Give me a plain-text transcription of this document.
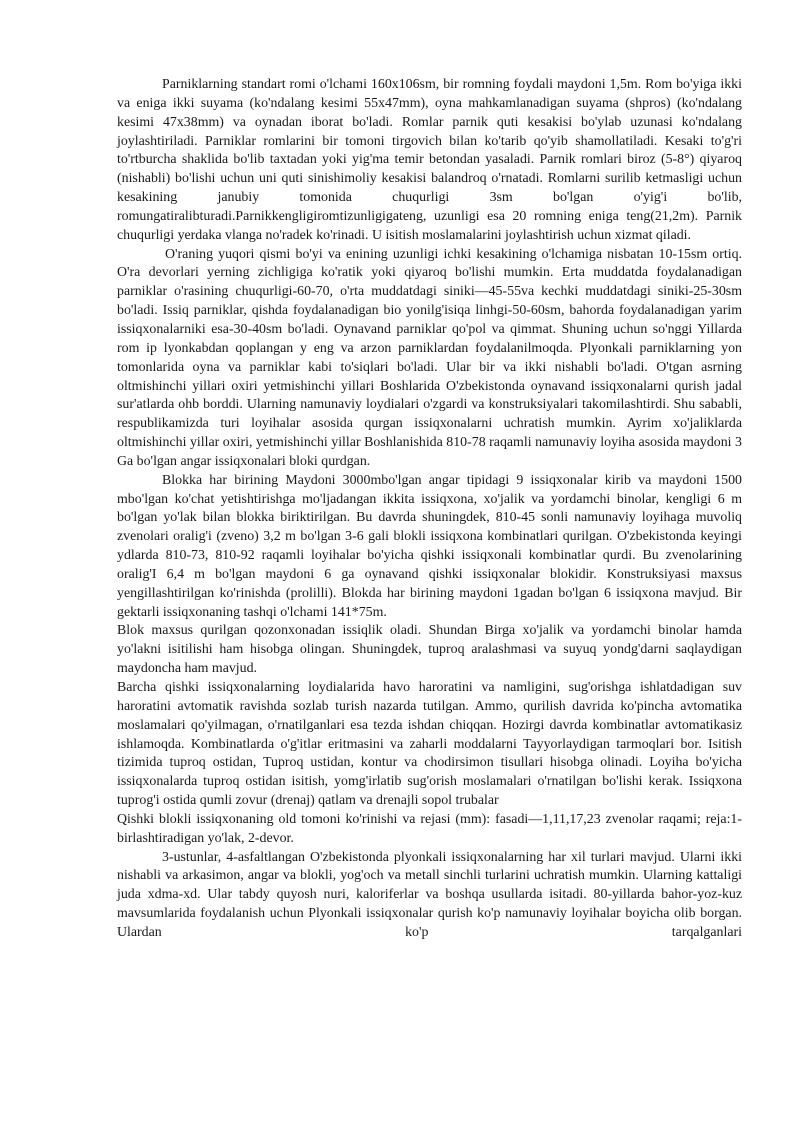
Parniklarning standart romi o'lchami 160x106sm, bir romning foydali maydoni 1,5m. Rom bo'yiga ikki va eniga ikki suyama (ko'ndalang kesimi 55x47mm), oyna mahkamlanadigan suyama (shpros) (ko'ndalang kesimi 47x38mm) va oynadan iborat bo'ladi. Romlar parnik quti kesakisi bo'ylab uzunasi ko'ndalang joylashtiriladi. Parniklar romlarini bir tomoni tirgovich bilan ko'tarib qo'yib shamollatiladi. Kesaki to'g'ri to'rtburcha shaklida bo'lib taxtadan yoki yig'ma temir betondan yasaladi. Parnik romlari biroz (5-8°) qiyaroq (nishabli) bo'lishi uchun uni quti sinishimoliy kesakisi balandroq o'rnatadi. Romlarni surilib ketmasligi uchun kesakining janubiy tomonida chuqurligi 3sm bo'lgan o'yig'i bo'lib, romungatiralibturadi.Parnikkengligiromtizunligigateng, uzunligi esa 20 romning eniga teng(21,2m). Parnik chuqurligi yerdaka vlanga no'radek ko'rinadi. U isitish moslamalarini joylashtirish uchun xizmat qiladi.

O'raning yuqori qismi bo'yi va enining uzunligi ichki kesakining o'lchamiga nisbatan 10-15sm ortiq. O'ra devorlari yerning zichligiga ko'ratik yoki qiyaroq bo'lishi mumkin. Erta muddatda foydalanadigan parniklar o'rasining chuqurligi-60-70, o'rta muddatdagi siniki—45-55va kechki muddatdagi siniki-25-30sm bo'ladi. Issiq parniklar, qishda foydalanadigan bio yonilg'isiqa linhgi-50-60sm, bahorda foydalanadigan yarim issiqxonalarniki esa-30-40sm bo'ladi. Oynavand parniklar qo'pol va qimmat. Shuning uchun so'nggi Yillarda rom ip lyonkabdan qoplangan y eng va arzon parniklardan foydalanilmoqda. Plyonkali parniklarning yon tomonlarida oyna va parniklar kabi to'siqlari bo'ladi. Ular bir va ikki nishabli bo'ladi. O'tgan asrning oltmishinchi yillari oxiri yetmishinchi yillari Boshlarida O'zbekistonda oynavand issiqxonalarni qurish jadal sur'atlarda ohb borddi. Ularning namunaviy loydialari o'zgardi va konstruksiyalari takomilashtirdi. Shu sababli, respublikamizda turi loyihalar asosida qurgan issiqxonalarni uchratish mumkin. Ayrim xo'jaliklarda oltmishinchi yillar oxiri, yetmishinchi yillar Boshlanishida 810-78 raqamli namunaviy loyiha asosida maydoni 3 Ga bo'lgan angar issiqxonalari bloki qurdgan.

Blokka har birining Maydoni 3000mbo'lgan angar tipidagi 9 issiqxonalar kirib va maydoni 1500 mbo'lgan ko'chat yetishtirishga mo'ljadangan ikkita issiqxona, xo'jalik va yordamchi binolar, kengligi 6 m bo'lgan yo'lak bilan blokka biriktirilgan. Bu davrda shuningdek, 810-45 sonli namunaviy loyihaga muvoliq zvenolari oralig'i (zveno) 3,2 m bo'lgan 3-6 gali blokli issiqxona kombinatlari qurilgan. O'zbekistonda keyingi ydlarda 810-73, 810-92 raqamli loyihalar bo'yicha qishki issiqxonali kombinatlar qurdi. Bu zvenolarining oralig'I 6,4 m bo'lgan maydoni 6 ga oynavand qishki issiqxonalar blokidir. Konstruksiyasi maxsus yengillashtirilgan ko'rinishda (prolilli). Blokda har birining maydoni 1gadan bo'lgan 6 issiqxona mavjud. Bir gektarli issiqxonaning tashqi o'lchami 141*75m.

Blok maxsus qurilgan qozonxonadan issiqlik oladi. Shundan Birga xo'jalik va yordamchi binolar hamda yo'lakni isitilishi ham hisobga olingan. Shuningdek, tuproq aralashmasi va suyuq yondg'darni saqlaydigan maydoncha ham mavjud.

Barcha qishki issiqxonalarning loydialarida havo haroratini va namligini, sug'orishga ishlatdadigan suv haroratini avtomatik ravishda sozlab turish nazarda tutilgan. Ammo, qurilish davrida ko'pincha avtomatika moslamalari qo'yilmagan, o'rnatilganlari esa tezda ishdan chiqqan. Hozirgi davrda kombinatlar avtomatikasiz ishlamoqda. Kombinatlarda o'g'itlar eritmasini va zaharli moddalarni Tayyorlaydigan tarmoqlari bor. Isitish tizimida tuproq ostidan, Tuproq ustidan, kontur va chodirsimon tisullari hisobga olinadi. Loyiha bo'yicha issiqxonalarda tuproq ostidan isitish, yomg'irlatib sug'orish moslamalari o'rnatilgan bo'lishi kerak. Issiqxona tuprog'i ostida qumli zovur (drenaj) qatlam va drenajli sopol trubalar

Qishki blokli issiqxonaning old tomoni ko'rinishi va rejasi (mm): fasadi—1,11,17,23 zvenolar raqami; reja:1-birlashtiradigan yo'lak, 2-devor.

3-ustunlar, 4-asfaltlangan O'zbekistonda plyonkali issiqxonalarning har xil turlari mavjud. Ularni ikki nishabli va arkasimon, angar va blokli, yog'och va metall sinchli turlarini uchratish mumkin. Ularning kattaligi juda xdma-xd. Ular tabdy quyosh nuri, kaloriferlar va boshqa usullarda isitadi. 80-yillarda bahor-yoz-kuz mavsumlarida foydalanish uchun Plyonkali issiqxonalar qurish ko'p namunaviy loyihalar boyicha olib borgan. Ulardan ko'p tarqalganlari
